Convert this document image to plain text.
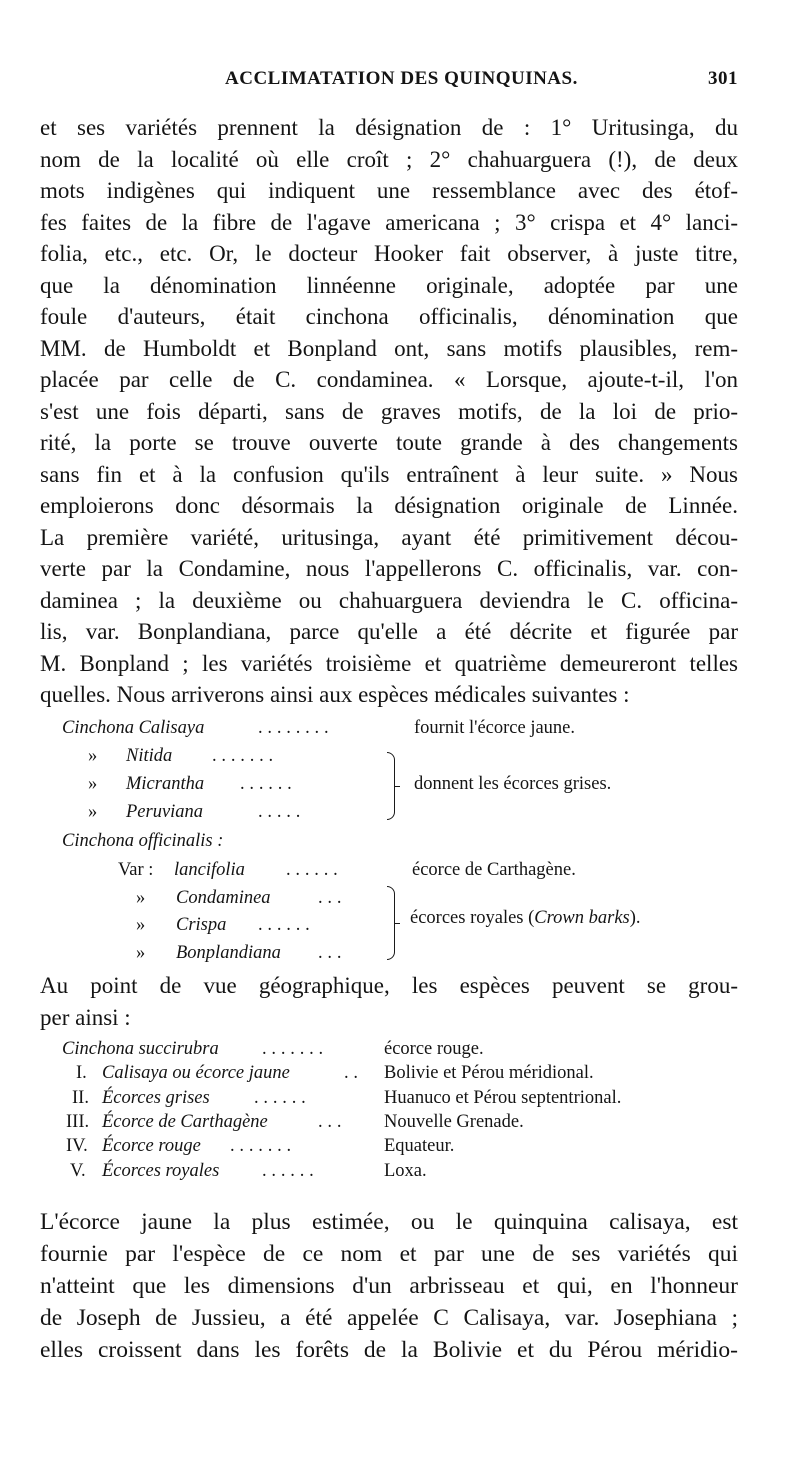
ACCLIMATATION DES QUINQUINAS.	301
et ses variétés prennent la désignation de : 1° Uritusinga, du
nom de la localité où elle croît ; 2° chahuarguera (!), de deux
mots indigènes qui indiquent une ressemblance avec des étof-
fes faites de la fibre de l'agave americana ; 3° crispa et 4° lanci-
folia, etc., etc. Or, le docteur Hooker fait observer, à juste titre,
que la dénomination linnéenne originale, adoptée par une
foule d'auteurs, était cinchona officinalis, dénomination que
MM. de Humboldt et Bonpland ont, sans motifs plausibles, rem-
placée par celle de C. condaminea. « Lorsque, ajoute-t-il, l'on
s'est une fois départi, sans de graves motifs, de la loi de prio-
rité, la porte se trouve ouverte toute grande à des changements
sans fin et à la confusion qu'ils entraînent à leur suite. » Nous
emploierons donc désormais la désignation originale de Linnée.
La première variété, uritusinga, ayant été primitivement décou-
verte par la Condamine, nous l'appellerons C. officinalis, var. con-
daminea ; la deuxième ou chahuarguera deviendra le C. officina-
lis, var. Bonplandiana, parce qu'elle a été décrite et figurée par
M. Bonpland ; les variétés troisième et quatrième demeureront telles
quelles. Nous arriverons ainsi aux espèces médicales suivantes :
Cinchona Calisaya	........	fournit l'écorce jaune.
» Nitida .......
» Micrantha ......
» Peruviana	.....
donnent les écorces grises.
Cinchona officinalis :
Var : lancifolia ......	écorce de Carthagène.
» Condaminea	...
» Crispa ......
» Bonplandiana ...
écorces royales (Crown barks).
Au point de vue géographique, les espèces peuvent se grou-
per ainsi :
Cinchona succirubra .......	écorce rouge.
I. Calisaya ou écorce jaune	.. Bolivie et Pérou méridional.
II. Écorces grises ......	Huanuco et Pérou septentrional.
III. Écorce de Carthagène	... Nouvelle Grenade.
IV. Écorce rouge .......	Equateur.
V. Écorces royales ......	Loxa.
L'écorce jaune la plus estimée, ou le quinquina calisaya, est
fournie par l'espèce de ce nom et par une de ses variétés qui
n'atteint que les dimensions d'un arbrisseau et qui, en l'honneur
de Joseph de Jussieu, a été appelée C Calisaya, var. Josephiana ;
elles croissent dans les forêts de la Bolivie et du Pérou méridio-
